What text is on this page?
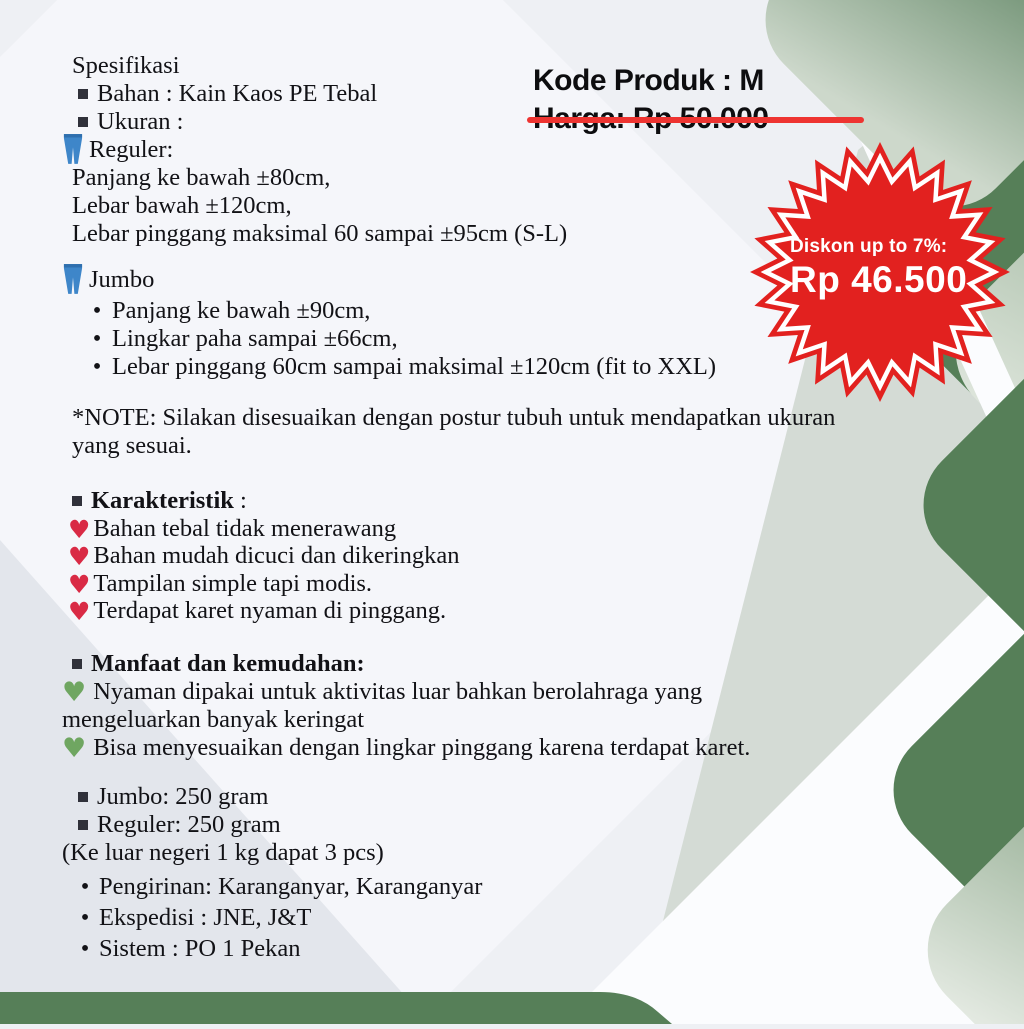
Kode Produk : M
Diskon up to 7%:
Rp 46.500
Spesifikasi
Bahan : Kain Kaos PE Tebal
Ukuran :
Reguler:
Panjang ke bawah ±80cm,
Lebar bawah ±120cm,
Lebar pinggang maksimal 60 sampai ±95cm (S-L)
Jumbo
• Panjang ke bawah ±90cm,
• Lingkar paha sampai ±66cm,
• Lebar pinggang 60cm sampai maksimal ±120cm (fit to XXL)
*NOTE: Silakan disesuaikan dengan postur tubuh untuk mendapatkan ukuran yang sesuai.
Karakteristik :
♥ Bahan tebal tidak menerawang
♥ Bahan mudah dicuci dan dikeringkan
♥ Tampilan simple tapi modis.
♥ Terdapat karet nyaman di pinggang.
Manfaat dan kemudahan:
♥ Nyaman dipakai untuk aktivitas luar bahkan berolahraga yang mengeluarkan banyak keringat
♥ Bisa menyesuaikan dengan lingkar pinggang karena terdapat karet.
Jumbo: 250 gram
Reguler: 250 gram
(Ke luar negeri 1 kg dapat 3 pcs)
• Pengirinan: Karanganyar, Karanganyar
• Ekspedisi : JNE, J&T
• Sistem : PO 1 Pekan
